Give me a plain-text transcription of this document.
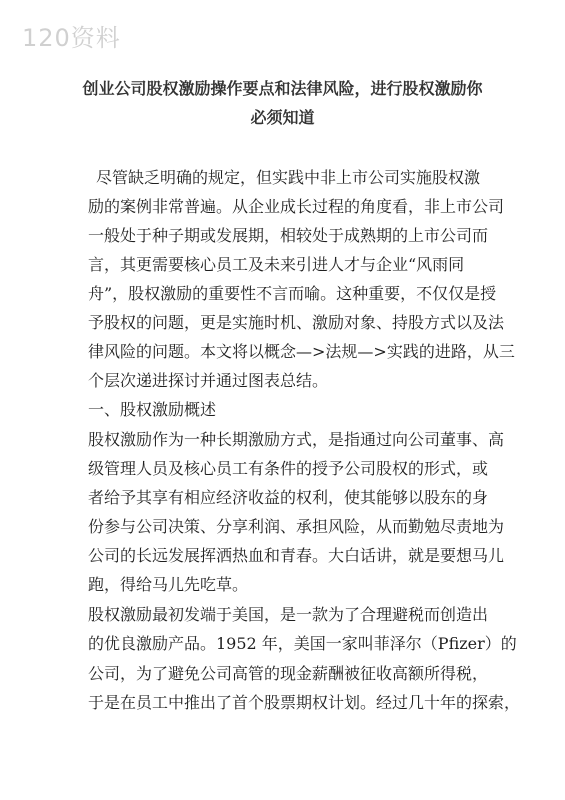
120资料
创业公司股权激励操作要点和法律风险，进行股权激励你
必须知道
尽管缺乏明确的规定，但实践中非上市公司实施股权激
励的案例非常普遍。从企业成长过程的角度看，非上市公司
一般处于种子期或发展期，相较处于成熟期的上市公司而
言，其更需要核心员工及未来引进人才与企业“风雨同
舟”，股权激励的重要性不言而喻。这种重要，不仅仅是授
予股权的问题，更是实施时机、激励对象、持股方式以及法
律风险的问题。本文将以概念—>法规—>实践的进路，从三
个层次递进探讨并通过图表总结。
一、股权激励概述
股权激励作为一种长期激励方式，是指通过向公司董事、高
级管理人员及核心员工有条件的授予公司股权的形式，或
者给予其享有相应经济收益的权利，使其能够以股东的身
份参与公司决策、分享利润、承担风险，从而勤勉尽责地为
公司的长远发展挥洒热血和青春。大白话讲，就是要想马儿
跑，得给马儿先吃草。
股权激励最初发端于美国，是一款为了合理避税而创造出
的优良激励产品。1952 年，美国一家叫菲泽尔（Pfizer）的
公司，为了避免公司高管的现金薪酬被征收高额所得税，
于是在员工中推出了首个股票期权计划。经过几十年的探索，
